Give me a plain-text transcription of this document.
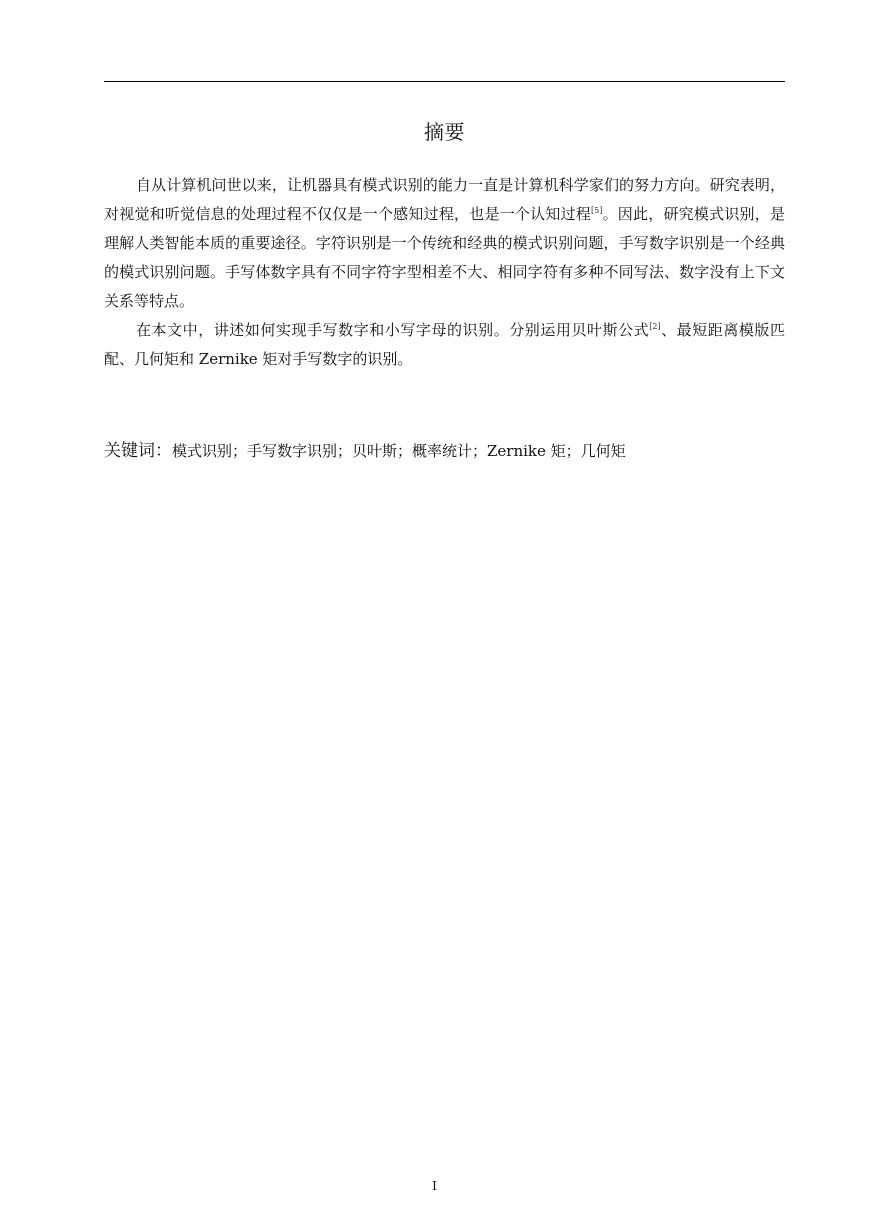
摘要

自从计算机问世以来，让机器具有模式识别的能力一直是计算机科学家们的努力方向。研究表明，对视觉和听觉信息的处理过程不仅仅是一个感知过程，也是一个认知过程[5]。因此，研究模式识别，是理解人类智能本质的重要途径。字符识别是一个传统和经典的模式识别问题，手写数字识别是一个经典的模式识别问题。手写体数字具有不同字符字型相差不大、相同字符有多种不同写法、数字没有上下文关系等特点。

在本文中，讲述如何实现手写数字和小写字母的识别。分别运用贝叶斯公式[2]、最短距离模版匹配、几何矩和 Zernike 矩对手写数字的识别。

关键词：模式识别；手写数字识别；贝叶斯；概率统计；Zernike 矩；几何矩
I
